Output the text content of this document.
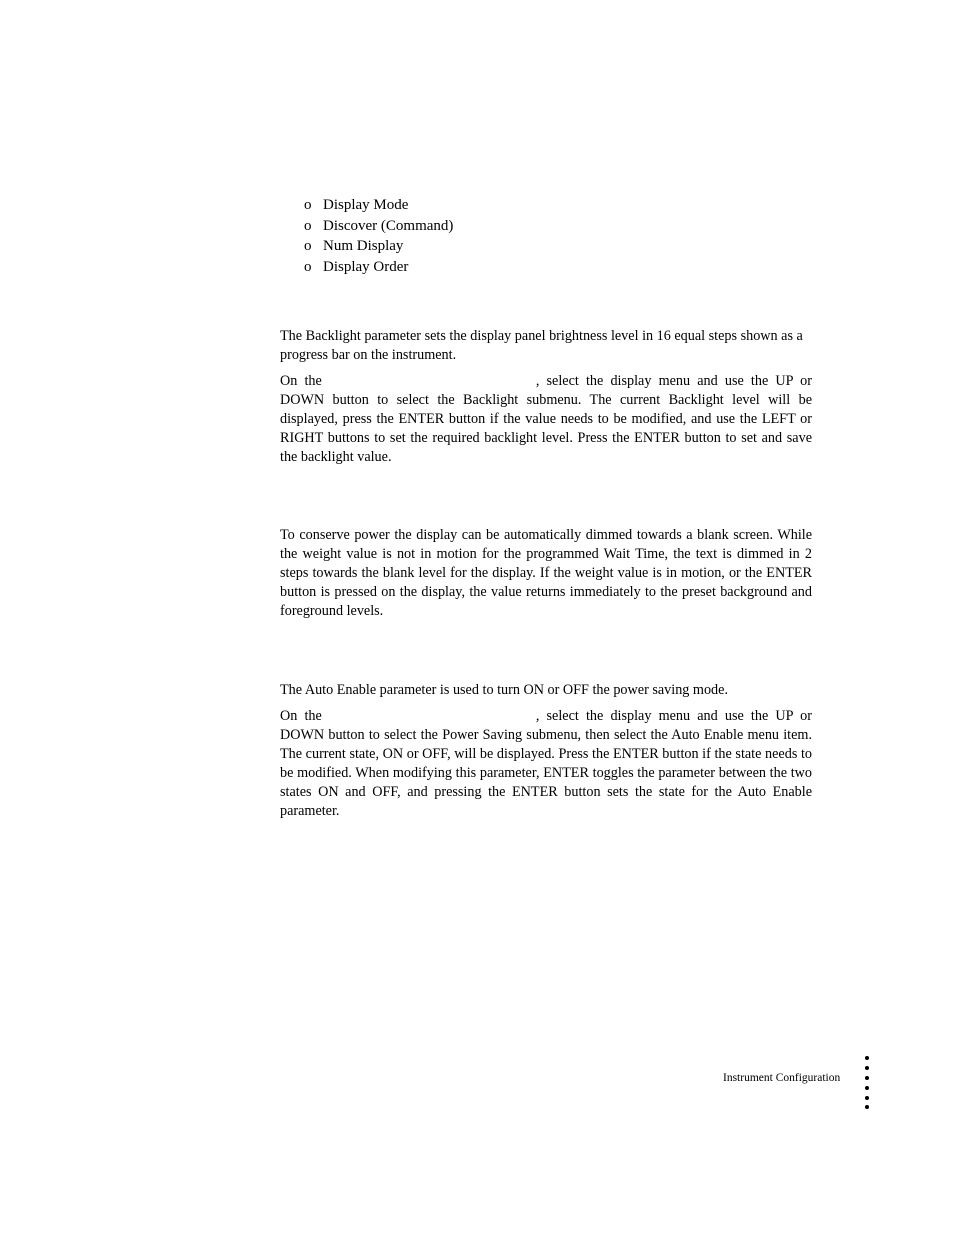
o Display Mode
o Discover (Command)
o Num Display
o Display Order

The Backlight parameter sets the display panel brightness level in 16 equal steps shown as a progress bar on the instrument.

On the	, select the display menu and use the UP or DOWN button to select the Backlight submenu. The current Backlight level will be displayed, press the ENTER button if the value needs to be modified, and use the LEFT or RIGHT buttons to set the required backlight level. Press the ENTER button to set and save the backlight value.

To conserve power the display can be automatically dimmed towards a blank screen. While the weight value is not in motion for the programmed Wait Time, the text is dimmed in 2 steps towards the blank level for the display. If the weight value is in motion, or the ENTER button is pressed on the display, the value returns immediately to the preset background and foreground levels.

The Auto Enable parameter is used to turn ON or OFF the power saving mode.

On the	, select the display menu and use the UP or DOWN button to select the Power Saving submenu, then select the Auto Enable menu item. The current state, ON or OFF, will be displayed. Press the ENTER button if the state needs to be modified. When modifying this parameter, ENTER toggles the parameter between the two states ON and OFF, and pressing the ENTER button sets the state for the Auto Enable parameter.

Instrument Configuration
